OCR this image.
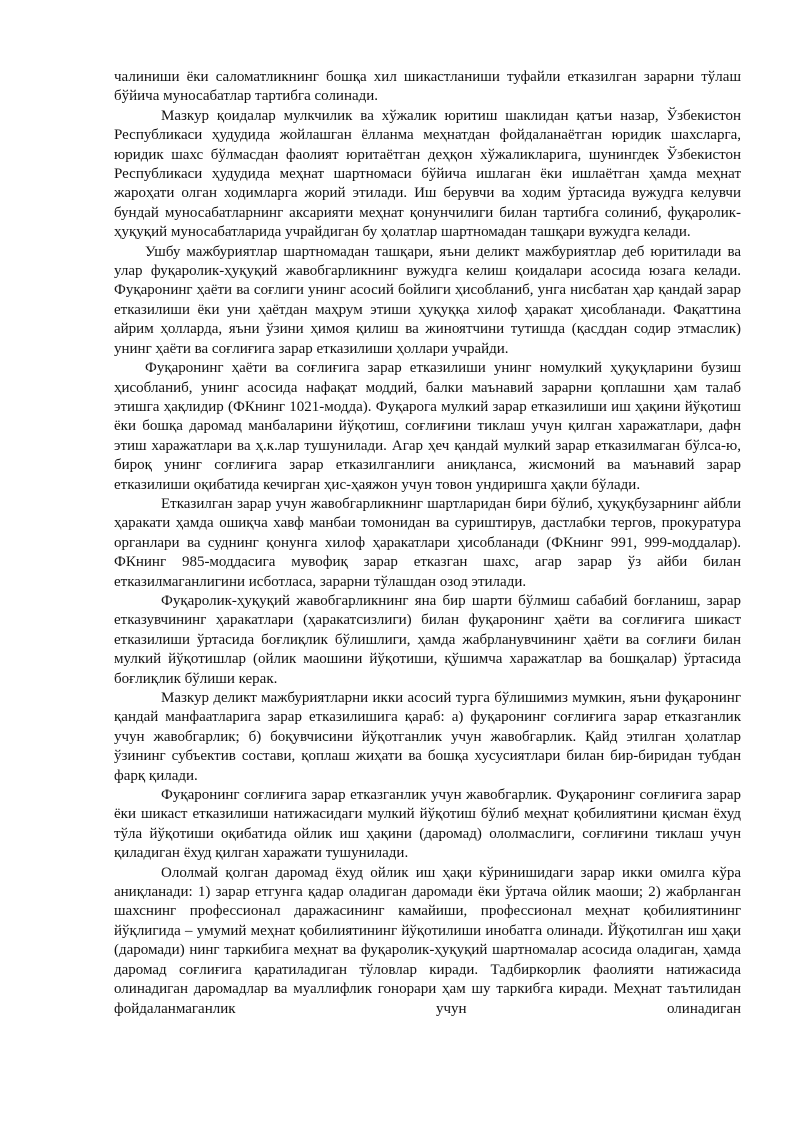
чалиниши ёки саломатликнинг бошқа хил шикастланиши туфайли етказилган зарарни тўлаш бўйича муносабатлар тартибга солинади.

Мазкур қоидалар мулкчилик ва хўжалик юритиш шаклидан қатъи назар, Ўзбекистон Республикаси ҳудудида жойлашган ёлланма меҳнатдан фойдаланаётган юридик шахсларга, юридик шахс бўлмасдан фаолият юритаётган деҳқон хўжаликларига, шунингдек Ўзбекистон Республикаси ҳудудида меҳнат шартномаси бўйича ишлаган ёки ишлаётган ҳамда меҳнат жароҳати олган ходимларга жорий этилади. Иш берувчи ва ходим ўртасида вужудга келувчи бундай муносабатларнинг аксарияти меҳнат қонунчилиги билан тартибга солиниб, фуқаролик-ҳуқуқий муносабатларида учрайдиган бу ҳолатлар шартномадан ташқари вужудга келади.

Ушбу мажбуриятлар шартномадан ташқари, яъни деликт мажбуриятлар деб юритилади ва улар фуқаролик-ҳуқуқий жавобгарликнинг вужудга келиш қоидалари асосида юзага келади. Фуқаронинг ҳаёти ва соғлиги унинг асосий бойлиги ҳисобланиб, унга нисбатан ҳар қандай зарар етказилиши ёки уни ҳаётдан маҳрум этиши ҳуқуққа хилоф ҳаракат ҳисобланади. Фақаттина айрим ҳолларда, яъни ўзини ҳимоя қилиш ва жиноятчини тутишда (қасддан содир этмаслик) унинг ҳаёти ва соғлиғига зарар етказилиши ҳоллари учрайди.

Фуқаронинг ҳаёти ва соғлиғига зарар етказилиши унинг номулкий ҳуқуқларини бузиш ҳисобланиб, унинг асосида нафақат моддий, балки маънавий зарарни қоплашни ҳам талаб этишга ҳақлидир (ФКнинг 1021-модда). Фуқарога мулкий зарар етказилиши иш ҳақини йўқотиш ёки бошқа даромад манбаларини йўқотиш, соғлиғини тиклаш учун қилган харажатлари, дафн этиш харажатлари ва ҳ.к.лар тушунилади. Агар ҳеч қандай мулкий зарар етказилмаган бўлса-ю, бироқ унинг соғлиғига зарар етказилганлиги аниқланса, жисмоний ва маънавий зарар етказилиши оқибатида кечирган ҳис-ҳаяжон учун товон ундиришга ҳақли бўлади.

Етказилган зарар учун жавобгарликнинг шартларидан бири бўлиб, ҳуқуқбузарнинг айбли ҳаракати ҳамда ошиқча хавф манбаи томонидан ва суриштирув, дастлабки тергов, прокуратура органлари ва суднинг қонунга хилоф ҳаракатлари ҳисобланади (ФКнинг 991, 999-моддалар). ФКнинг 985-моддасига мувофиқ зарар етказган шахс, агар зарар ўз айби билан етказилмаганлигини исботласа, зарарни тўлашдан озод этилади.

Фуқаролик-ҳуқуқий жавобгарликнинг яна бир шарти бўлмиш сабабий боғланиш, зарар етказувчининг ҳаракатлари (ҳаракатсизлиги) билан фуқаронинг ҳаёти ва соғлиғига шикаст етказилиши ўртасида боғлиқлик бўлишлиги, ҳамда жабрланувчининг ҳаёти ва соғлиғи билан мулкий йўқотишлар (ойлик маошини йўқотиши, қўшимча харажатлар ва бошқалар) ўртасида боғлиқлик бўлиши керак.

Мазкур деликт мажбуриятларни икки асосий турга бўлишимиз мумкин, яъни фуқаронинг қандай манфаатларига зарар етказилишига қараб: а) фуқаронинг соғлиғига зарар етказганлик учун жавобгарлик; б) боқувчисини йўқотганлик учун жавобгарлик. Қайд этилган ҳолатлар ўзининг субъектив состави, қоплаш жиҳати ва бошқа хусусиятлари билан бир-биридан тубдан фарқ қилади.

Фуқаронинг соғлиғига зарар етказганлик учун жавобгарлик. Фуқаронинг соғлиғига зарар ёки шикаст етказилиши натижасидаги мулкий йўқотиш бўлиб меҳнат қобилиятини қисман ёхуд тўла йўқотиши оқибатида ойлик иш ҳақини (даромад) ололмаслиги, соғлиғини тиклаш учун қиладиган ёхуд қилган харажати тушунилади.

Ололмай қолган даромад ёхуд ойлик иш ҳақи кўринишидаги зарар икки омилга кўра аниқланади: 1) зарар етгунга қадар оладиган даромади ёки ўртача ойлик маоши; 2) жабрланган шахснинг профессионал даражасининг камайиши, профессионал меҳнат қобилиятининг йўқлигида – умумий меҳнат қобилиятининг йўқотилиши инобатга олинади. Йўқотилган иш ҳақи (даромади) нинг таркибига меҳнат ва фуқаролик-ҳуқуқий шартномалар асосида оладиган, ҳамда даромад соғлиғига қаратиладиган тўловлар киради. Тадбиркорлик фаолияти натижасида олинадиган даромадлар ва муаллифлик гонорари ҳам шу таркибга киради. Меҳнат таътилидан фойдаланмаганлик учун олинадиган
